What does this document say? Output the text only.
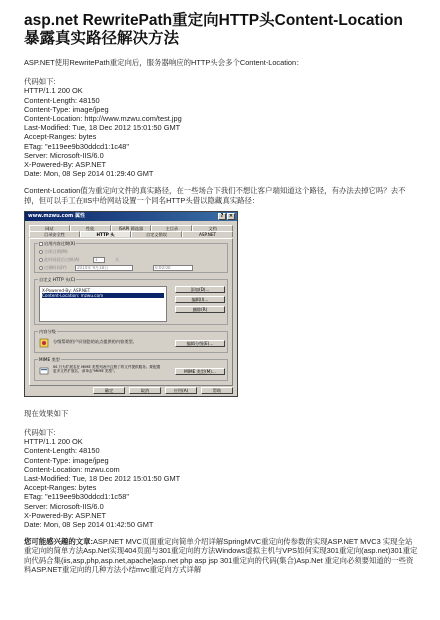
asp.net RewritePath重定向HTTP头Content-Location暴露真实路径解决方法

ASP.NET使用RewritePath重定向后，服务器响应的HTTP头会多个Content-Location：

代码如下:
HTTP/1.1 200 OK
Content-Length: 48150
Content-Type: image/jpeg
Content-Location: http://www.mzwu.com/test.jpg
Last-Modified: Tue, 18 Dec 2012 15:01:50 GMT
Accept-Ranges: bytes
ETag: "e119ee9b30ddcd1:1c48"
Server: Microsoft-IIS/6.0
X-Powered-By: ASP.NET
Date: Mon, 08 Sep 2014 01:29:40 GMT

Content-Location值为重定向文件的真实路径，在一些场合下我们不想让客户端知道这个路径，有办法去掉它吗？去不掉，但可以手工在IIS中给网站设置一个同名HTTP头借以隐藏真实路径：

www.mzwu.com 属性	?	×
网站	性能	ISAPI 筛选器	主目录	文档
目录安全性	HTTP 头	自定义错误	ASP.NET
启用内容过期(X)
立即过期(M)
此时间段后过期(A)	1	天
过期时间(Y)	2014年 9月18日	0:00:00
自定义 HTTP 头(C)
X-Powered-By: ASP.NET
Content-Location: mzwu.com
添加(D)...
编辑(I)...
删除(R)
内容分级
分级帮助用户识别您的站点提供的内容类型。	编辑分级(E)...
MIME 类型
IIS 只为扩展名在 MIME 类型列表中注册了的文件提供服务。要配置更多文件扩展名，请单击"MIME 类型"。	MIME 类型(M)...
确定	取消	应用(A)	帮助

现在效果如下

代码如下:
HTTP/1.1 200 OK
Content-Length: 48150
Content-Type: image/jpeg
Content-Location: mzwu.com
Last-Modified: Tue, 18 Dec 2012 15:01:50 GMT
Accept-Ranges: bytes
ETag: "e119ee9b30ddcd1:1c58"
Server: Microsoft-IIS/6.0
X-Powered-By: ASP.NET
Date: Mon, 08 Sep 2014 01:42:50 GMT

您可能感兴趣的文章:ASP.NET MVC页面重定向简单介绍详解SpringMVC重定向传参数的实现ASP.NET MVC3 实现全站重定向的简单方法Asp.Net实现404页面与301重定向的方法Windows虚拟主机与VPS如何实现301重定向(asp.net)301重定向代码合集(iis,asp,php,asp.net,apache)asp.net php asp jsp 301重定向的代码(集合)Asp.Net 重定向必须要知道的一些资料ASP.NET重定向的几种方法小结mvc重定向方式详解
